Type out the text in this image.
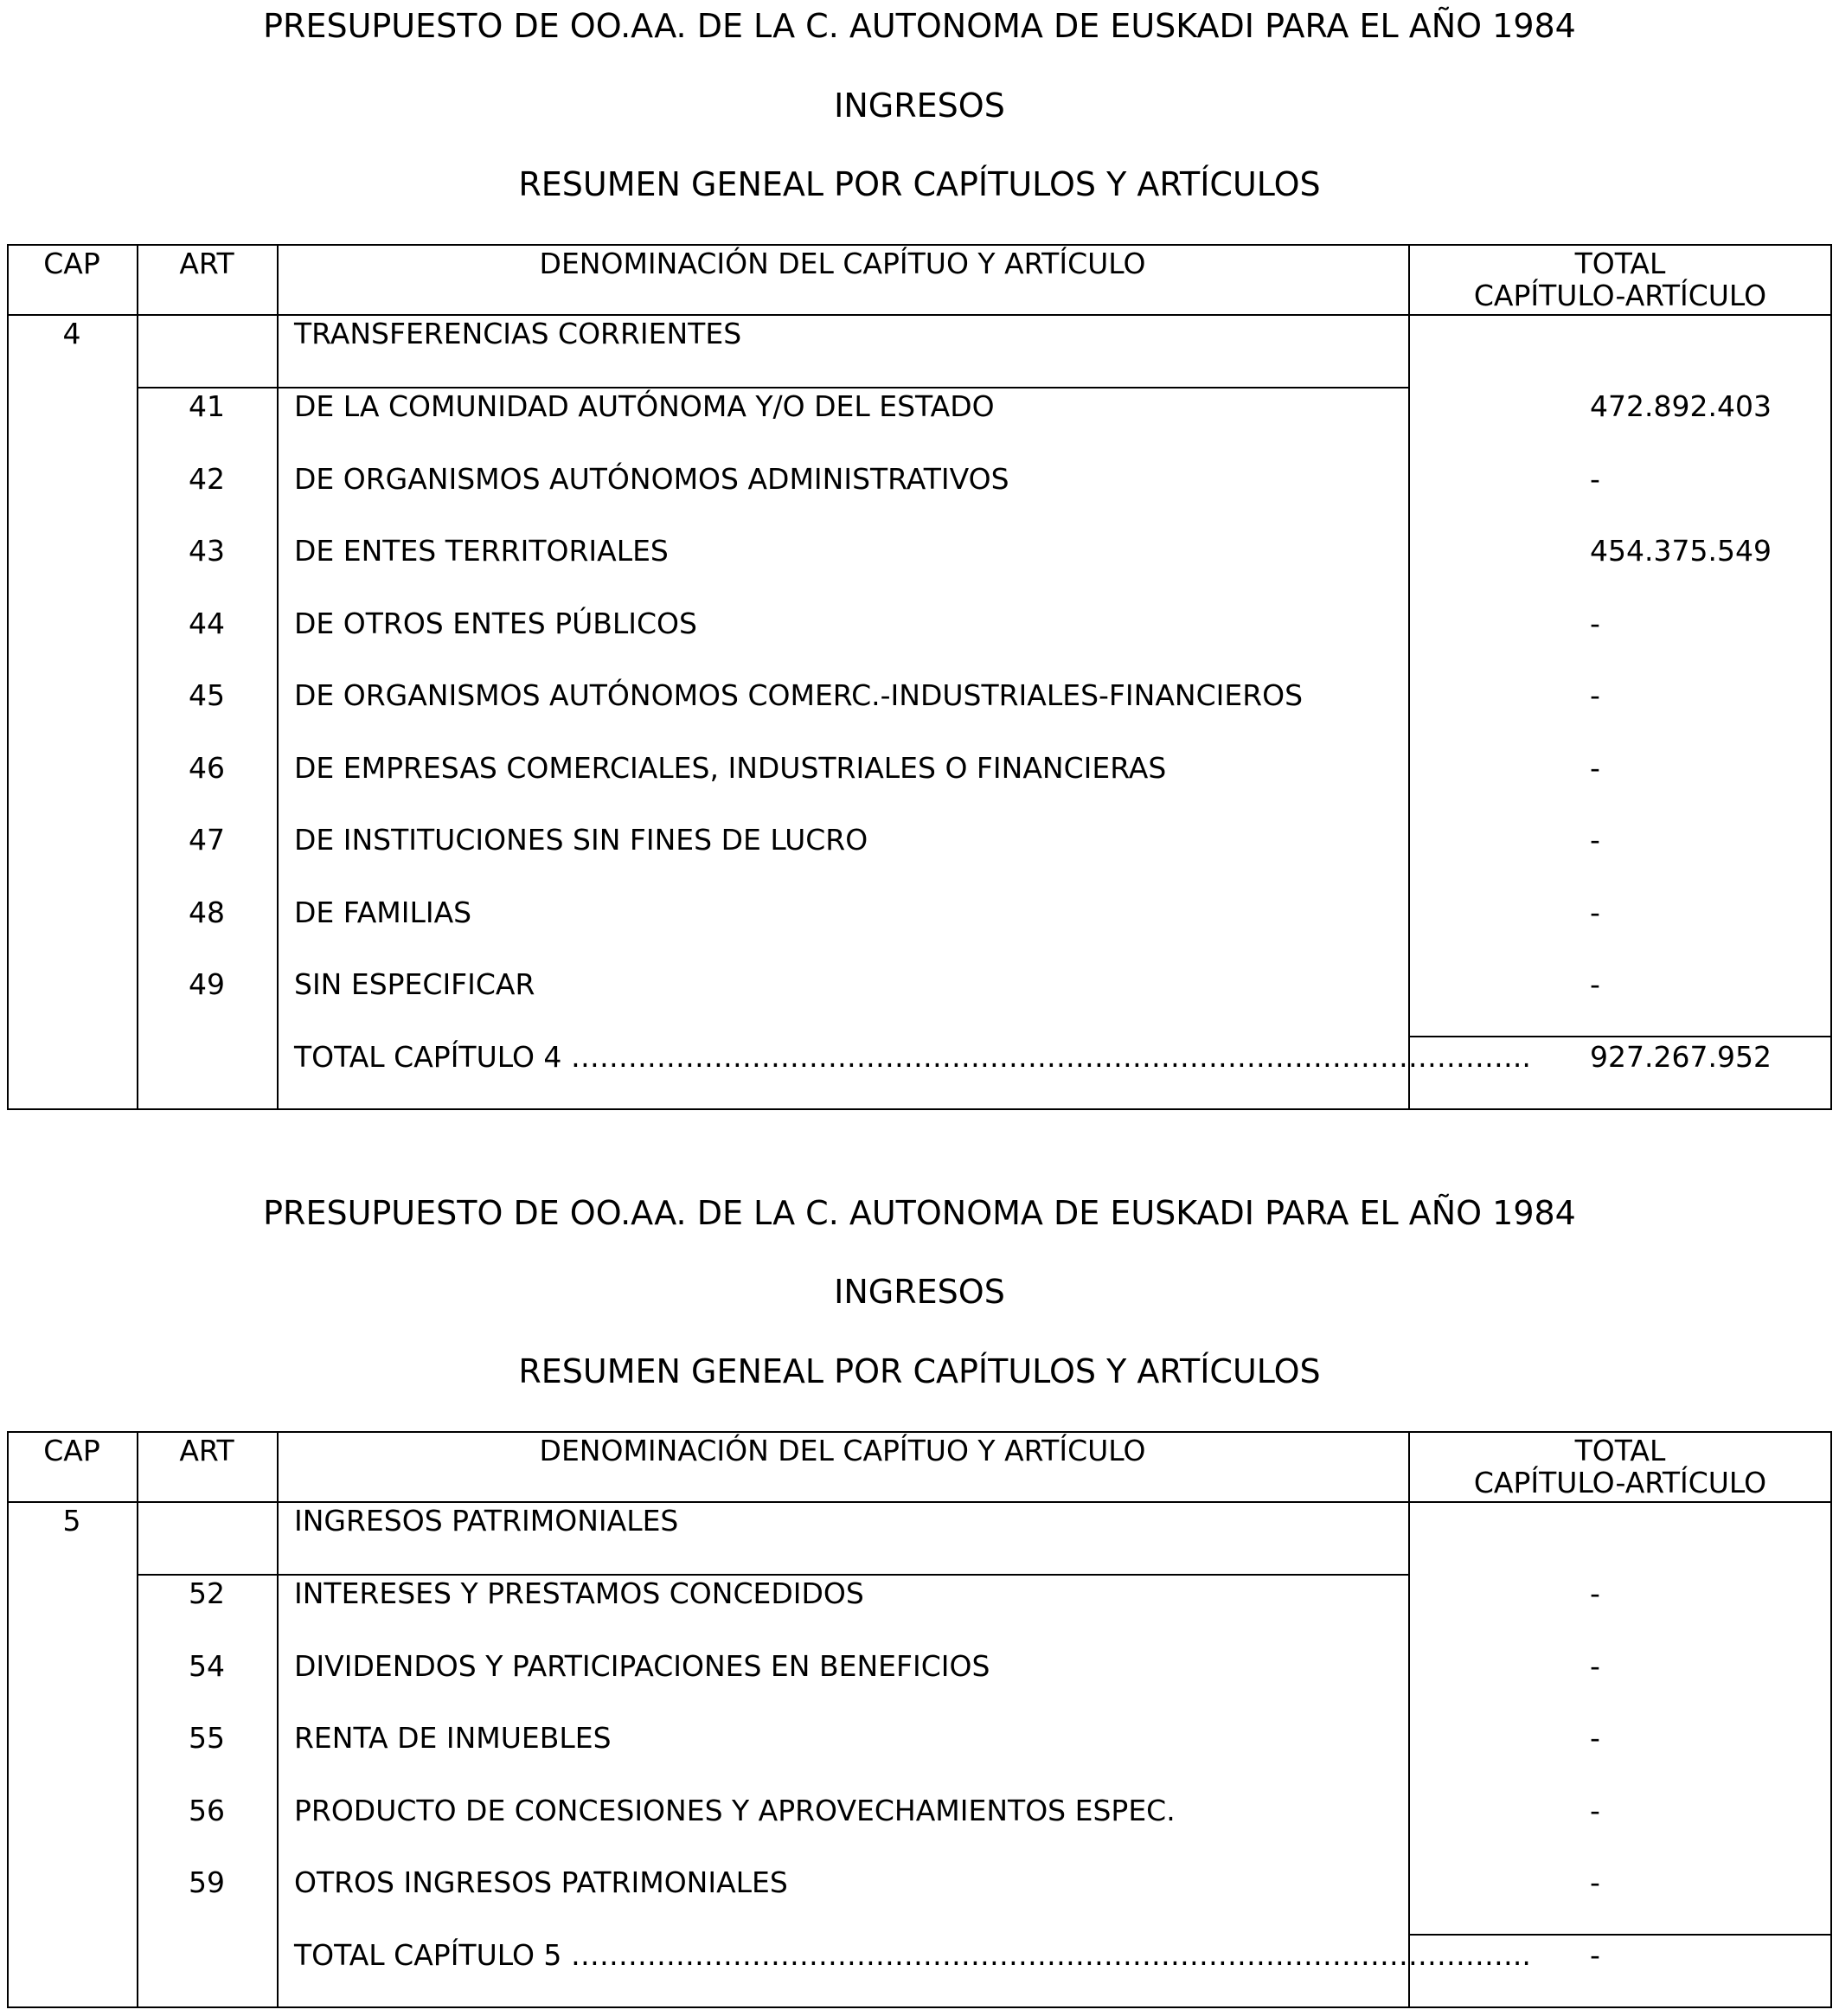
PRESUPUESTO DE OO.AA. DE LA C. AUTONOMA DE EUSKADI PARA EL AÑO 1984
INGRESOS
RESUMEN GENEAL POR CAPÍTULOS Y ARTÍCULOS
CAP	ART	DENOMINACIÓN DEL CAPÍTUO Y ARTÍCULO	TOTAL
CAPÍTULO-ARTÍCULO
4	TRANSFERENCIAS CORRIENTES
41	DE LA COMUNIDAD AUTÓNOMA Y/O DEL ESTADO	472.892.403
42	DE ORGANISMOS AUTÓNOMOS ADMINISTRATIVOS	-
43	DE ENTES TERRITORIALES	454.375.549
44	DE OTROS ENTES PÚBLICOS	-
45	DE ORGANISMOS AUTÓNOMOS COMERC.-INDUSTRIALES-FINANCIEROS	-
46	DE EMPRESAS COMERCIALES, INDUSTRIALES O FINANCIERAS	-
47	DE INSTITUCIONES SIN FINES DE LUCRO	-
48	DE FAMILIAS	-
49	SIN ESPECIFICAR	-
TOTAL CAPÍTULO 4 ………………………………………………………………………………………..	927.267.952
PRESUPUESTO DE OO.AA. DE LA C. AUTONOMA DE EUSKADI PARA EL AÑO 1984
INGRESOS
RESUMEN GENEAL POR CAPÍTULOS Y ARTÍCULOS
CAP	ART	DENOMINACIÓN DEL CAPÍTUO Y ARTÍCULO	TOTAL
CAPÍTULO-ARTÍCULO
5	INGRESOS PATRIMONIALES
52	INTERESES Y PRESTAMOS CONCEDIDOS	-
54	DIVIDENDOS Y PARTICIPACIONES EN BENEFICIOS	-
55	RENTA DE INMUEBLES	-
56	PRODUCTO DE CONCESIONES Y APROVECHAMIENTOS ESPEC.	-
59	OTROS INGRESOS PATRIMONIALES	-
TOTAL CAPÍTULO 5 ……………………………………………………………………………………….. -
